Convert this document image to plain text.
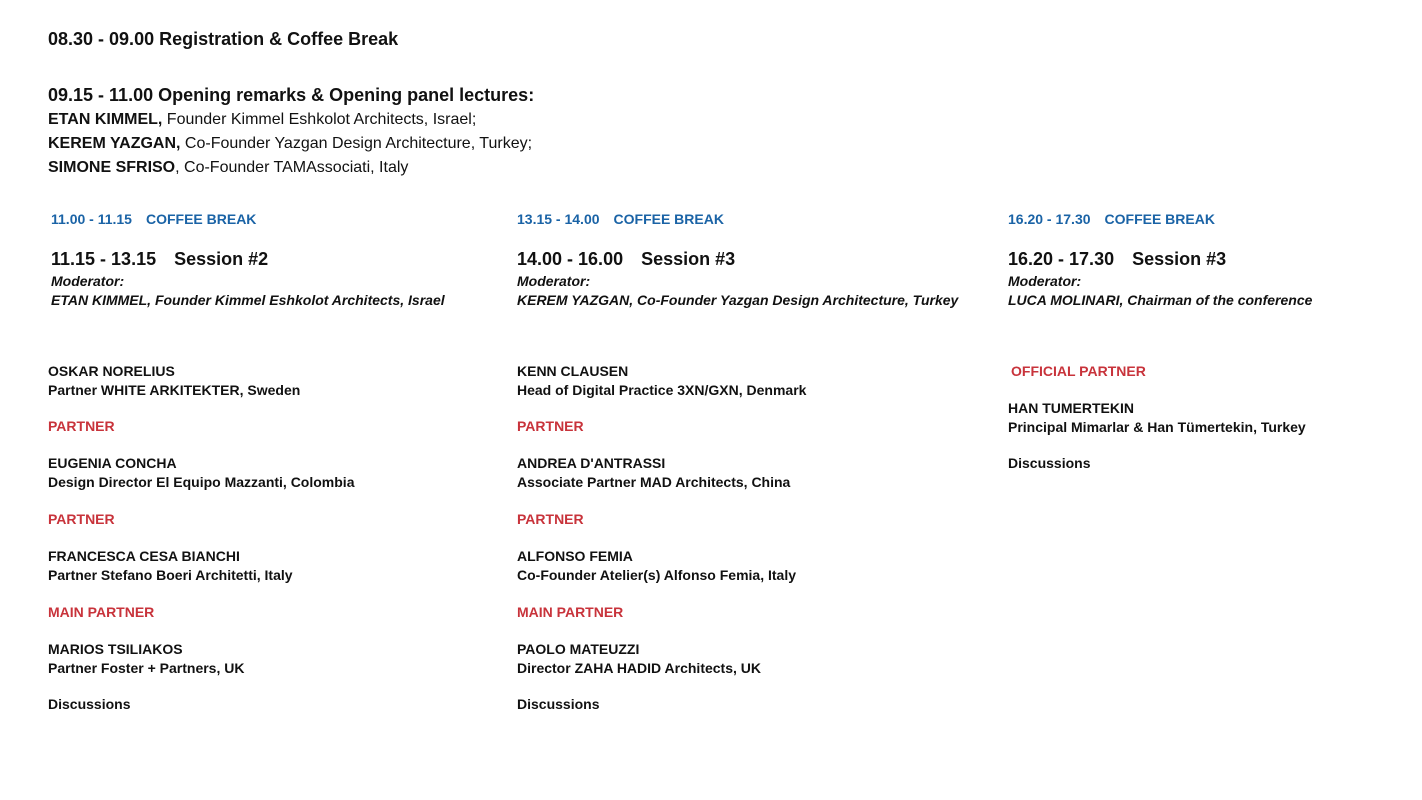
08.30 - 09.00 Registration & Coffee Break
09.15 - 11.00 Opening remarks & Opening panel lectures:
ETAN KIMMEL, Founder Kimmel Eshkolot Architects, Israel;
KEREM YAZGAN, Co-Founder Yazgan Design Architecture, Turkey;
SIMONE SFRISO, Co-Founder TAMAssociati, Italy
11.00 - 11.15 COFFEE BREAK
11.15 - 13.15 Session #2
Moderator:
ETAN KIMMEL, Founder Kimmel Eshkolot Architects, Israel
OSKAR NORELIUS
Partner WHITE ARKITEKTER, Sweden
PARTNER
EUGENIA CONCHA
Design Director El Equipo Mazzanti, Colombia
PARTNER
FRANCESCA CESA BIANCHI
Partner Stefano Boeri Architetti, Italy
MAIN PARTNER
MARIOS TSILIAKOS
Partner Foster + Partners, UK
Discussions
13.15 - 14.00 COFFEE BREAK
14.00 - 16.00 Session #3
Moderator:
KEREM YAZGAN, Co-Founder Yazgan Design Architecture, Turkey
KENN CLAUSEN
Head of Digital Practice 3XN/GXN, Denmark
PARTNER
ANDREA D'ANTRASSI
Associate Partner MAD Architects, China
PARTNER
ALFONSO FEMIA
Co-Founder Atelier(s) Alfonso Femia, Italy
MAIN PARTNER
PAOLO MATEUZZI
Director ZAHA HADID Architects, UK
Discussions
16.20 - 17.30 COFFEE BREAK
16.20 - 17.30 Session #3
Moderator:
LUCA MOLINARI, Chairman of the conference
OFFICIAL PARTNER
HAN TUMERTEKIN
Principal Mimarlar & Han Tümertekin, Turkey
Discussions
